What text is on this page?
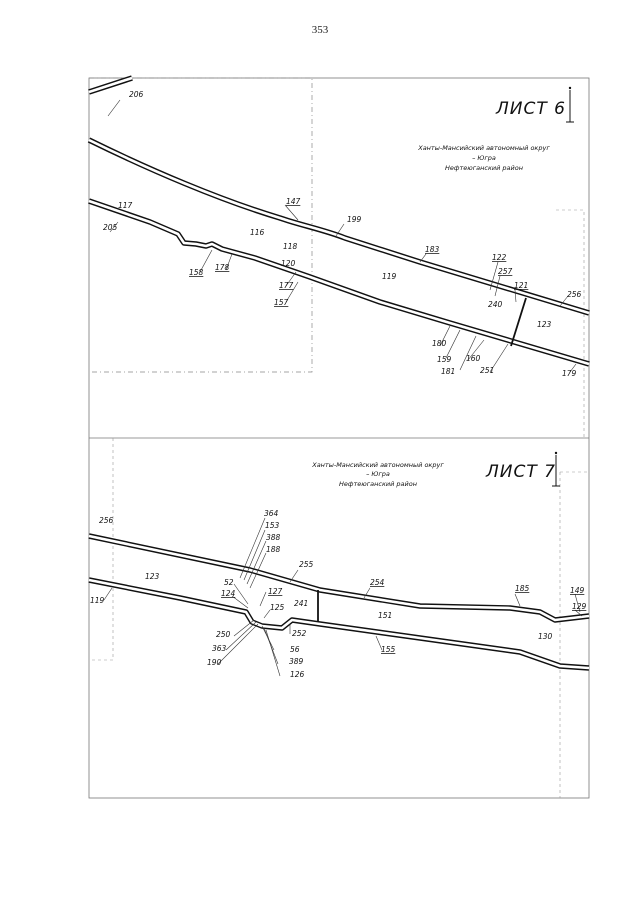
353
ЛИСТ 6
Ханты-Мансийский автономный округ
– Югра
Нефтеюганский район
206
117
116
118
120
147
199
183
122
257
121
256
119
240
123
205
158
178
177
157
180
159 160
181	251	179
ЛИСТ 7
Ханты-Мансийский автономный округ
– Югра
Нефтеюганский район
256
364
153
388
188
255
254
185	149
129
123
52
124	127
125 241
151
130
119
250
363
190
252
56
389
126
155
